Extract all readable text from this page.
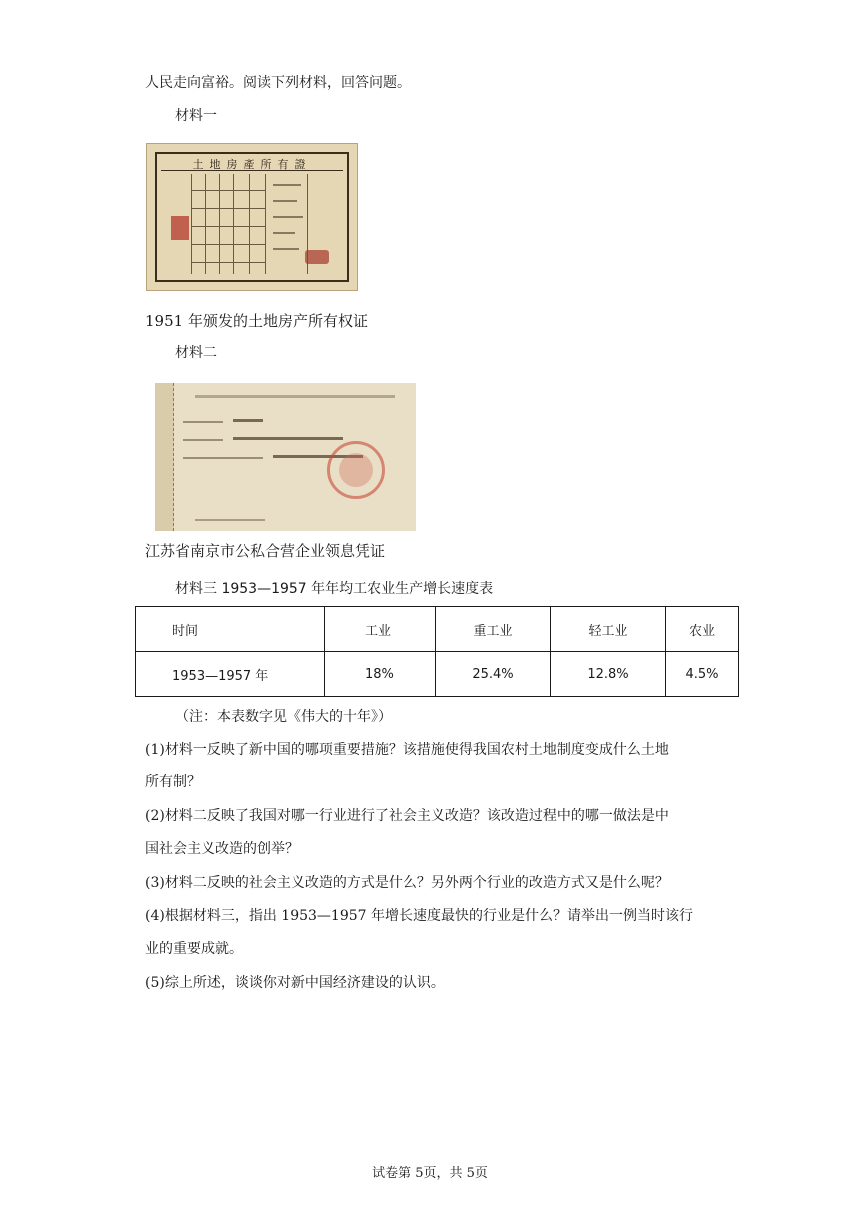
人民走向富裕。阅读下列材料，回答问题。
材料一
土地房產所有證
1951 年颁发的土地房产所有权证
材料二
江苏省南京市公私合营企业领息凭证
材料三 1953—1957 年年均工农业生产增长速度表
时间	工业	重工业	轻工业	农业
1953—1957 年	18%	25.4%	12.8%	4.5%
（注：本表数字见《伟大的十年》）
(1)材料一反映了新中国的哪项重要措施？该措施使得我国农村土地制度变成什么土地
所有制？
(2)材料二反映了我国对哪一行业进行了社会主义改造？该改造过程中的哪一做法是中
国社会主义改造的创举？
(3)材料二反映的社会主义改造的方式是什么？另外两个行业的改造方式又是什么呢？
(4)根据材料三，指出 1953—1957 年增长速度最快的行业是什么？请举出一例当时该行
业的重要成就。
(5)综上所述，谈谈你对新中国经济建设的认识。
试卷第 5页，共 5页
